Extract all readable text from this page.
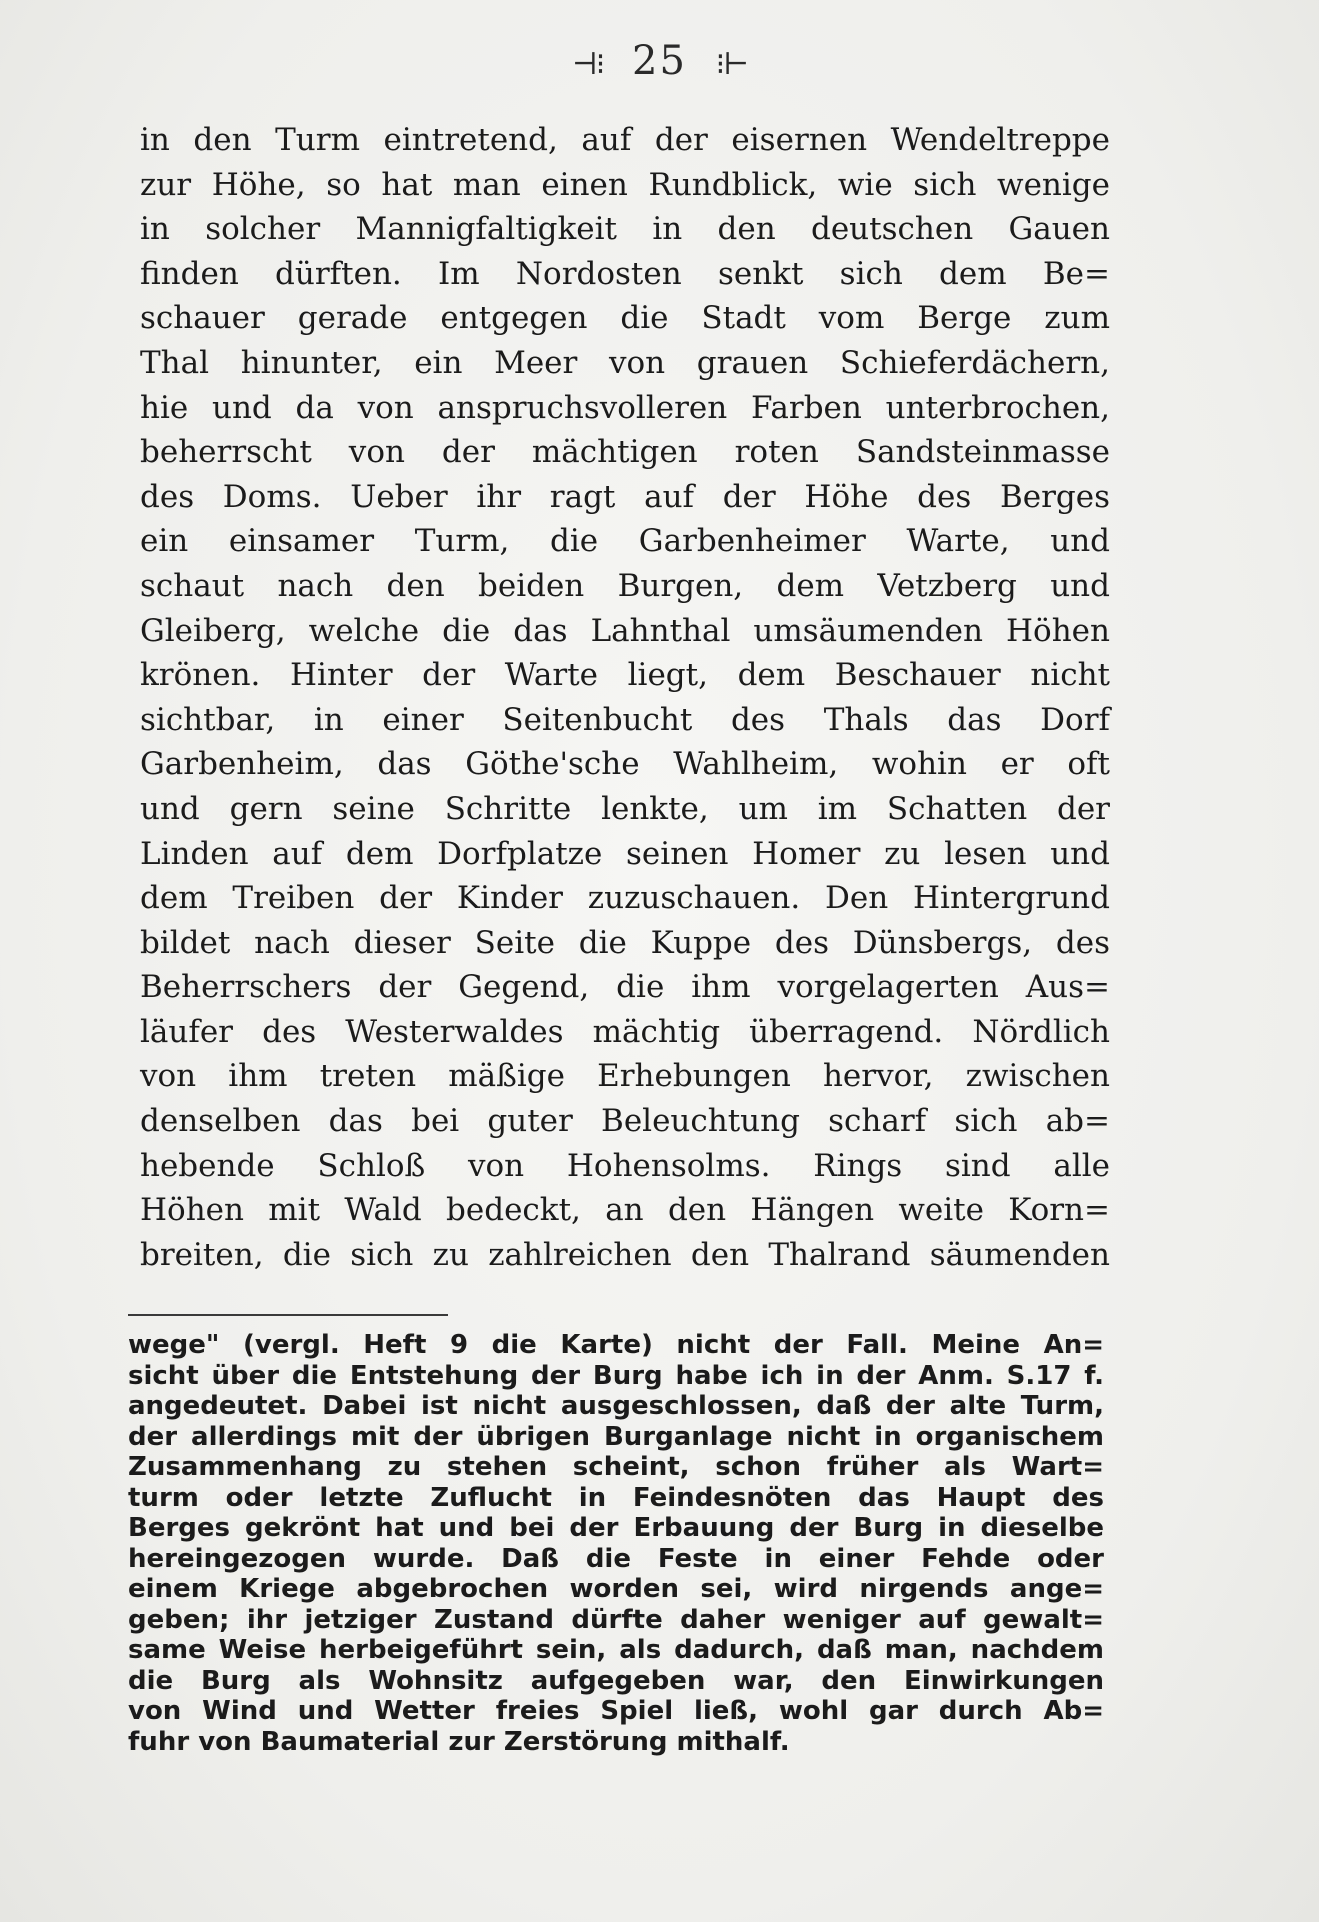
⊣⁝ 25 ⁝⊢
in den Turm eintretend, auf der eisernen Wendeltreppe
zur Höhe, so hat man einen Rundblick, wie sich wenige
in solcher Mannigfaltigkeit in den deutschen Gauen
finden dürften. Im Nordosten senkt sich dem Be=
schauer gerade entgegen die Stadt vom Berge zum
Thal hinunter, ein Meer von grauen Schieferdächern,
hie und da von anspruchsvolleren Farben unterbrochen,
beherrscht von der mächtigen roten Sandsteinmasse
des Doms. Ueber ihr ragt auf der Höhe des Berges
ein einsamer Turm, die Garbenheimer Warte, und
schaut nach den beiden Burgen, dem Vetzberg und
Gleiberg, welche die das Lahnthal umsäumenden Höhen
krönen. Hinter der Warte liegt, dem Beschauer nicht
sichtbar, in einer Seitenbucht des Thals das Dorf
Garbenheim, das Göthe'sche Wahlheim, wohin er oft
und gern seine Schritte lenkte, um im Schatten der
Linden auf dem Dorfplatze seinen Homer zu lesen und
dem Treiben der Kinder zuzuschauen. Den Hintergrund
bildet nach dieser Seite die Kuppe des Dünsbergs, des
Beherrschers der Gegend, die ihm vorgelagerten Aus=
läufer des Westerwaldes mächtig überragend. Nördlich
von ihm treten mäßige Erhebungen hervor, zwischen
denselben das bei guter Beleuchtung scharf sich ab=
hebende Schloß von Hohensolms. Rings sind alle
Höhen mit Wald bedeckt, an den Hängen weite Korn=
breiten, die sich zu zahlreichen den Thalrand säumenden
wege" (vergl. Heft 9 die Karte) nicht der Fall. Meine An=
sicht über die Entstehung der Burg habe ich in der Anm. S.17 f.
angedeutet. Dabei ist nicht ausgeschlossen, daß der alte Turm,
der allerdings mit der übrigen Burganlage nicht in organischem
Zusammenhang zu stehen scheint, schon früher als Wart=
turm oder letzte Zuflucht in Feindesnöten das Haupt des
Berges gekrönt hat und bei der Erbauung der Burg in dieselbe
hereingezogen wurde. Daß die Feste in einer Fehde oder
einem Kriege abgebrochen worden sei, wird nirgends ange=
geben; ihr jetziger Zustand dürfte daher weniger auf gewalt=
same Weise herbeigeführt sein, als dadurch, daß man, nachdem
die Burg als Wohnsitz aufgegeben war, den Einwirkungen
von Wind und Wetter freies Spiel ließ, wohl gar durch Ab=
fuhr von Baumaterial zur Zerstörung mithalf.
